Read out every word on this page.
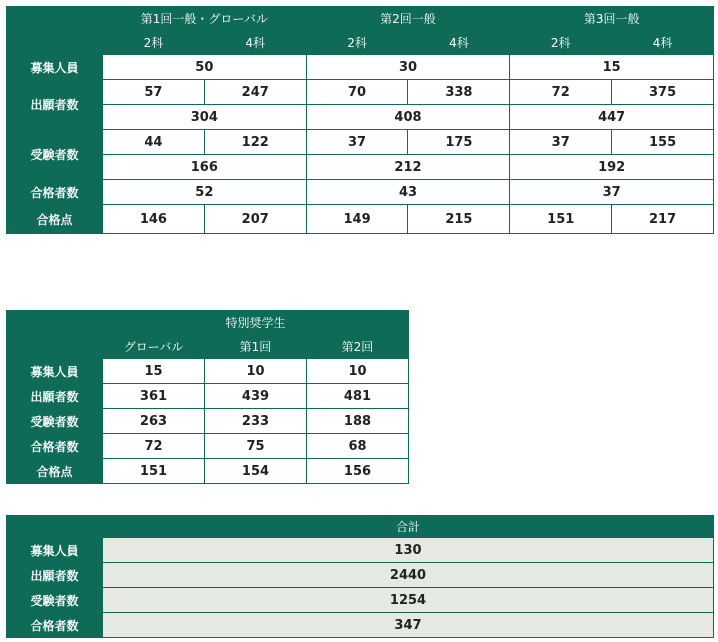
	第1回一般・グローバル		第2回一般		第3回一般	
	2科	4科	2科	4科	2科	4科
募集人員	50		30		15	
出願者数	57	247	70	338	72	375
	304		408		447	
受験者数	44	122	37	175	37	155
	166		212		192	
合格者数	52		43		37	
合格点	146	207	149	215	151	217
	特別奨学生		
	グローバル	第1回	第2回
募集人員	15	10	10
出願者数	361	439	481
受験者数	263	233	188
合格者数	72	75	68
合格点	151	154	156
	合計
募集人員	130
出願者数	2440
受験者数	1254
合格者数	347
